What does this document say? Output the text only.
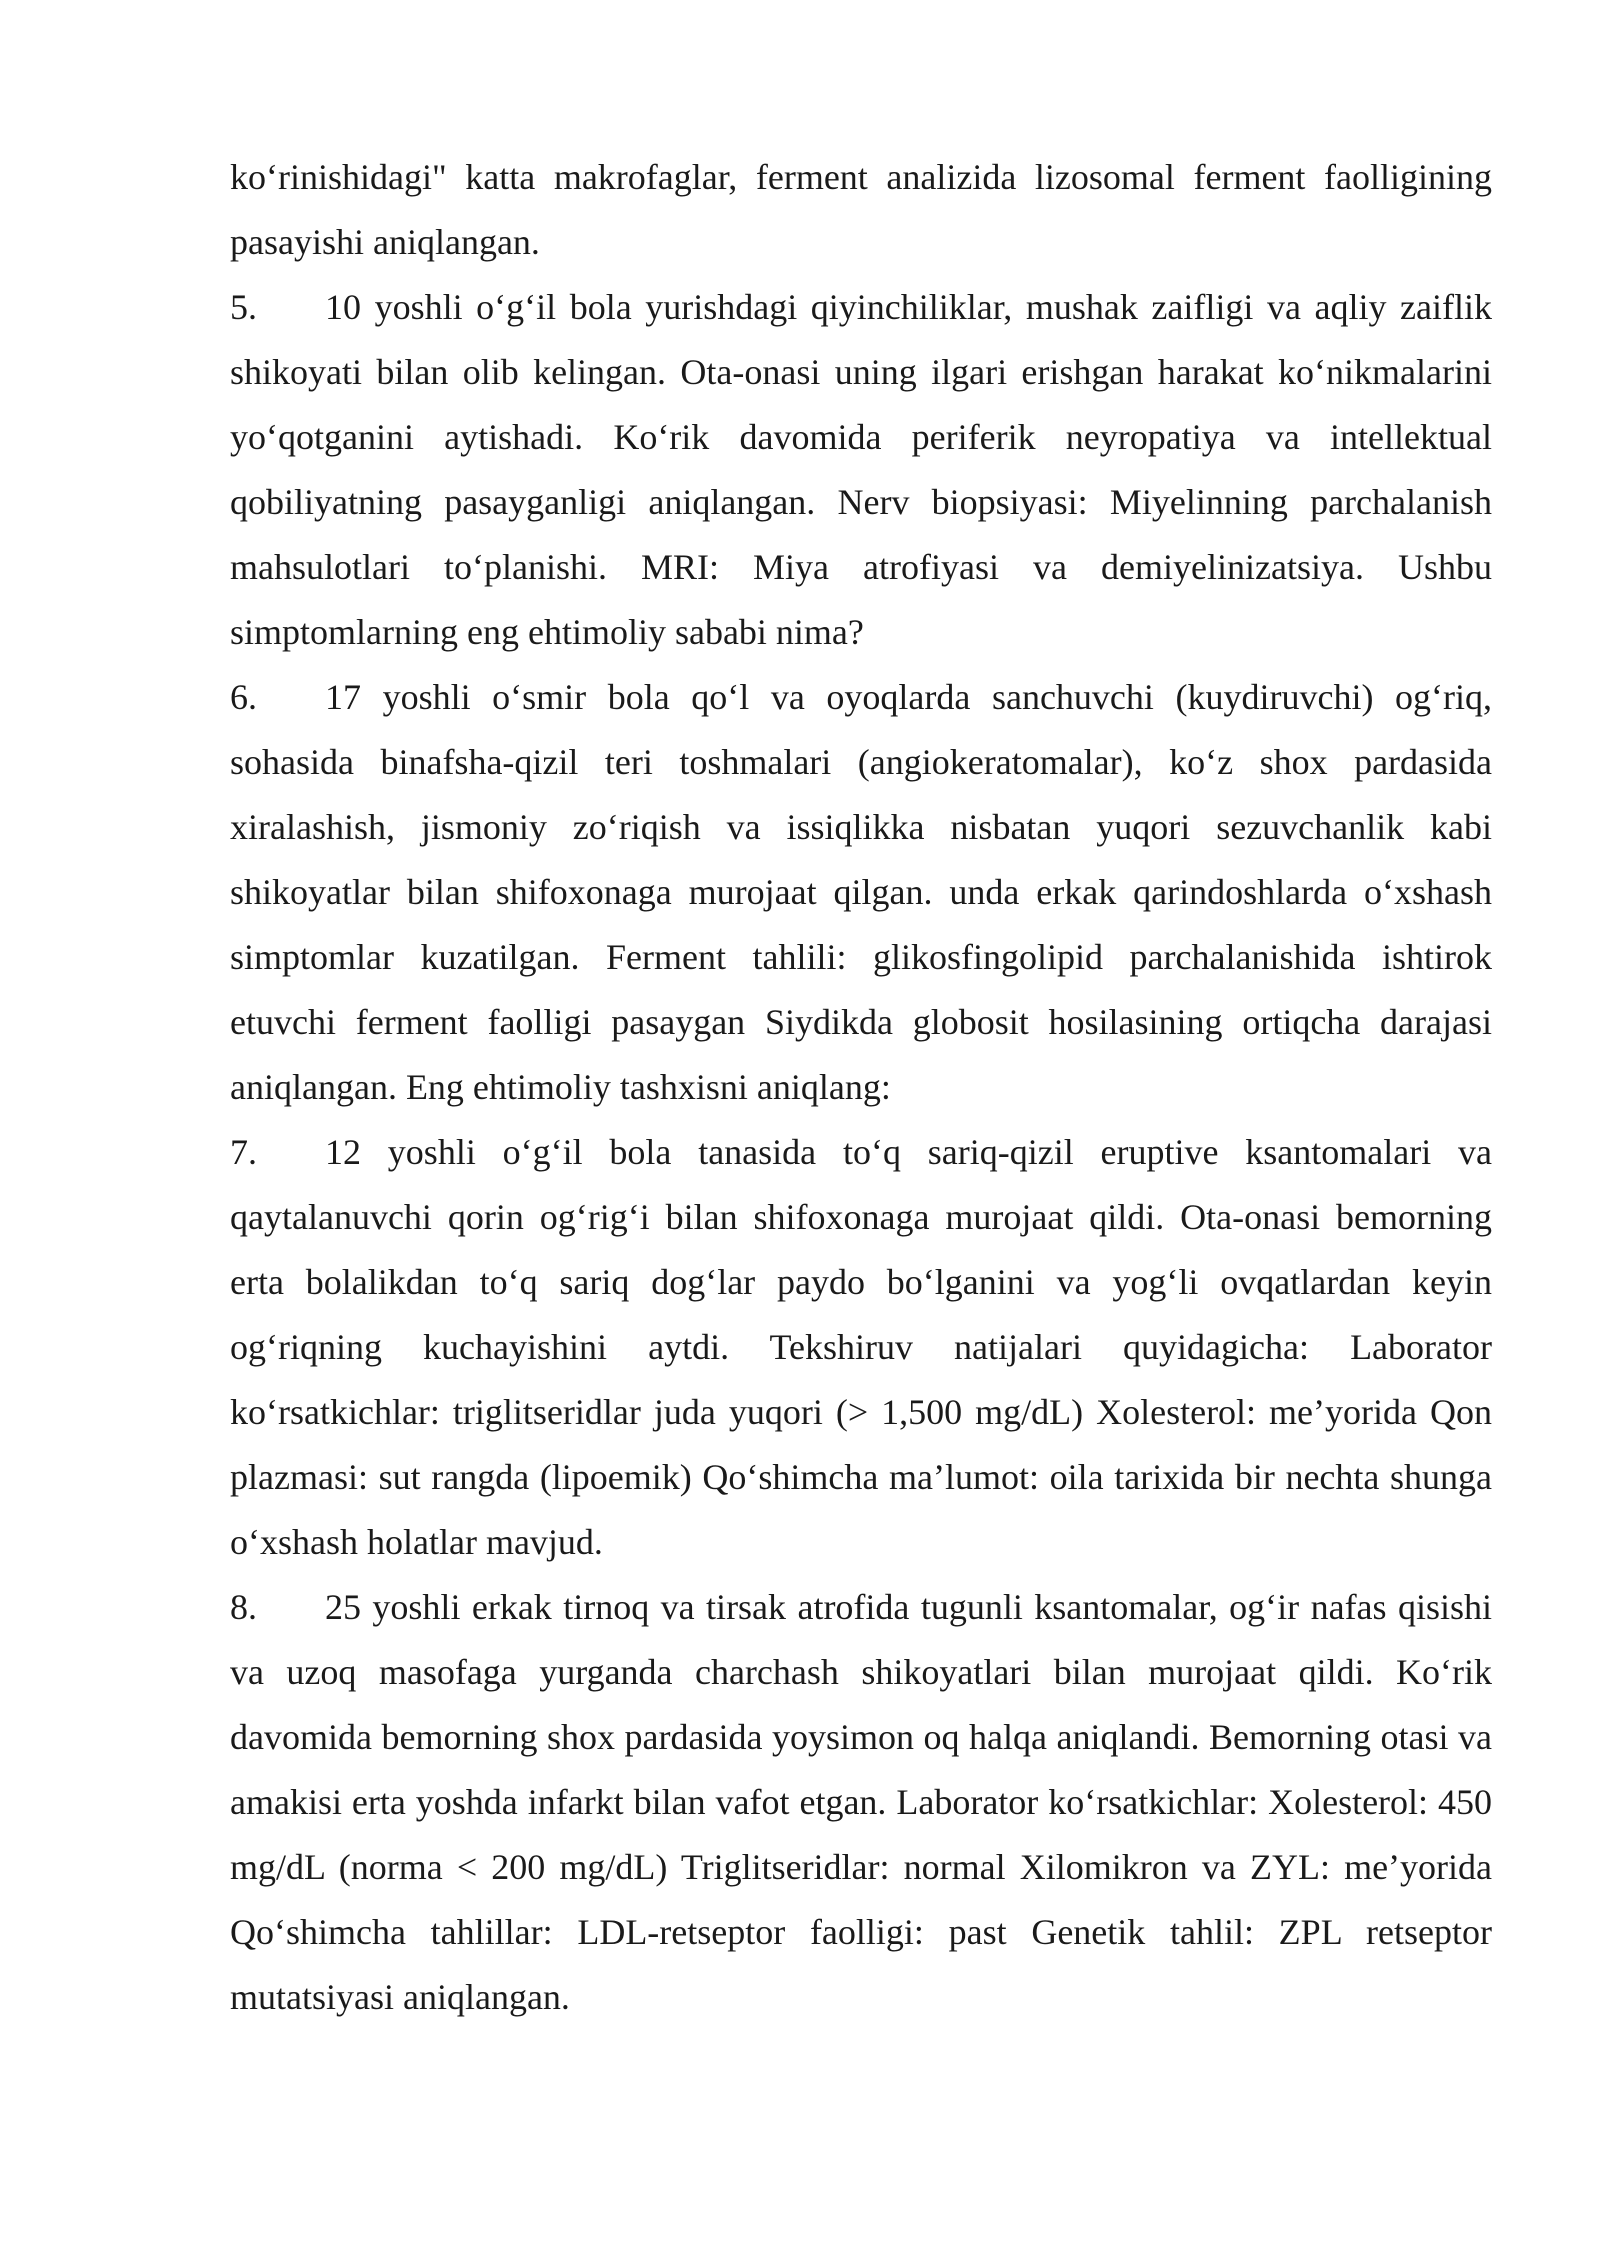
ko‘rinishidagi" katta makrofaglar, ferment analizida lizosomal ferment faolligining pasayishi aniqlangan.

5. 10 yoshli o‘g‘il bola yurishdagi qiyinchiliklar, mushak zaifligi va aqliy zaiflik shikoyati bilan olib kelingan. Ota-onasi uning ilgari erishgan harakat ko‘nikmalarini yo‘qotganini aytishadi. Ko‘rik davomida periferik neyropatiya va intellektual qobiliyatning pasayganligi aniqlangan. Nerv biopsiyasi: Miyelinning parchalanish mahsulotlari to‘planishi. MRI: Miya atrofiyasi va demiyelinizatsiya. Ushbu simptomlarning eng ehtimoliy sababi nima?

6. 17 yoshli o‘smir bola qo‘l va oyoqlarda sanchuvchi (kuydiruvchi) og‘riq, sohasida binafsha-qizil teri toshmalari (angiokeratomalar), ko‘z shox pardasida xiralashish, jismoniy zo‘riqish va issiqlikka nisbatan yuqori sezuvchanlik kabi shikoyatlar bilan shifoxonaga murojaat qilgan. unda erkak qarindoshlarda o‘xshash simptomlar kuzatilgan. Ferment tahlili: glikosfingolipid parchalanishida ishtirok etuvchi ferment faolligi pasaygan Siydikda globosit hosilasining ortiqcha darajasi aniqlangan. Eng ehtimoliy tashxisni aniqlang:

7. 12 yoshli o‘g‘il bola tanasida to‘q sariq-qizil eruptive ksantomalari va qaytalanuvchi qorin og‘rig‘i bilan shifoxonaga murojaat qildi. Ota-onasi bemorning erta bolalikdan to‘q sariq dog‘lar paydo bo‘lganini va yog‘li ovqatlardan keyin og‘riqning kuchayishini aytdi. Tekshiruv natijalari quyidagicha: Laborator ko‘rsatkichlar: triglitseridlar juda yuqori (> 1,500 mg/dL) Xolesterol: me’yorida Qon plazmasi: sut rangda (lipoemik) Qo‘shimcha ma’lumot: oila tarixida bir nechta shunga o‘xshash holatlar mavjud.

8. 25 yoshli erkak tirnoq va tirsak atrofida tugunli ksantomalar, og‘ir nafas qisishi va uzoq masofaga yurganda charchash shikoyatlari bilan murojaat qildi. Ko‘rik davomida bemorning shox pardasida yoysimon oq halqa aniqlandi. Bemorning otasi va amakisi erta yoshda infarkt bilan vafot etgan. Laborator ko‘rsatkichlar: Xolesterol: 450 mg/dL (norma < 200 mg/dL) Triglitseridlar: normal Xilomikron va ZYL: me’yorida Qo‘shimcha tahlillar: LDL-retseptor faolligi: past Genetik tahlil: ZPL retseptor mutatsiyasi aniqlangan.
